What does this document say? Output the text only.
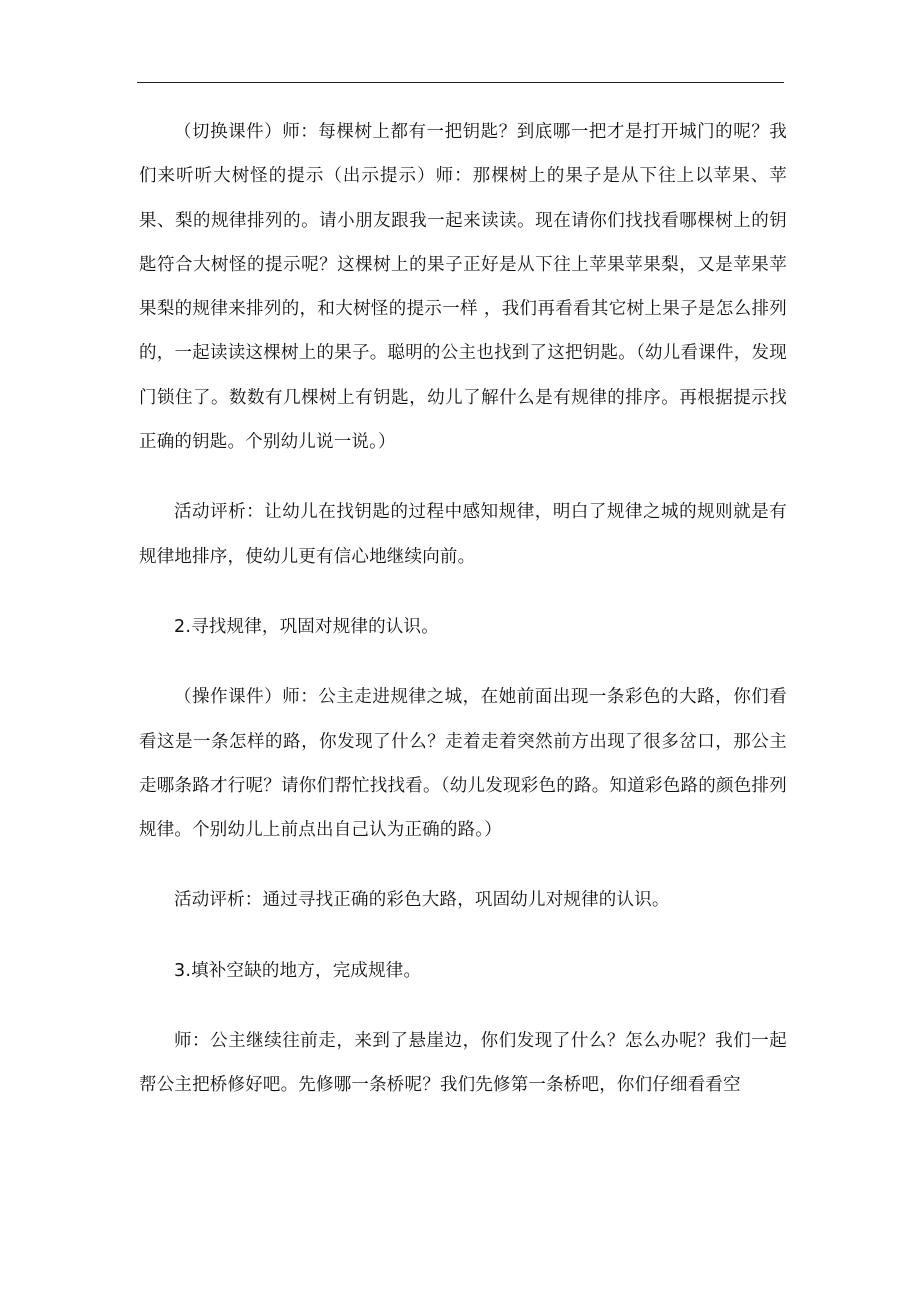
（切换课件）师：每棵树上都有一把钥匙？到底哪一把才是打开城门的呢？我们来听听大树怪的提示（出示提示）师：那棵树上的果子是从下往上以苹果、苹果、梨的规律排列的。请小朋友跟我一起来读读。现在请你们找找看哪棵树上的钥匙符合大树怪的提示呢？这棵树上的果子正好是从下往上苹果苹果梨，又是苹果苹果梨的规律来排列的，和大树怪的提示一样 ，我们再看看其它树上果子是怎么排列的，一起读读这棵树上的果子。聪明的公主也找到了这把钥匙。（幼儿看课件，发现门锁住了。数数有几棵树上有钥匙，幼儿了解什么是有规律的排序。再根据提示找正确的钥匙。个别幼儿说一说。）

活动评析：让幼儿在找钥匙的过程中感知规律，明白了规律之城的规则就是有规律地排序，使幼儿更有信心地继续向前。

2.寻找规律，巩固对规律的认识。

（操作课件）师：公主走进规律之城，在她前面出现一条彩色的大路，你们看看这是一条怎样的路，你发现了什么？走着走着突然前方出现了很多岔口，那公主走哪条路才行呢？请你们帮忙找找看。（幼儿发现彩色的路。知道彩色路的颜色排列规律。个别幼儿上前点出自己认为正确的路。）

活动评析：通过寻找正确的彩色大路，巩固幼儿对规律的认识。

3.填补空缺的地方，完成规律。

师：公主继续往前走，来到了悬崖边，你们发现了什么？怎么办呢？我们一起帮公主把桥修好吧。先修哪一条桥呢？我们先修第一条桥吧，你们仔细看看空
